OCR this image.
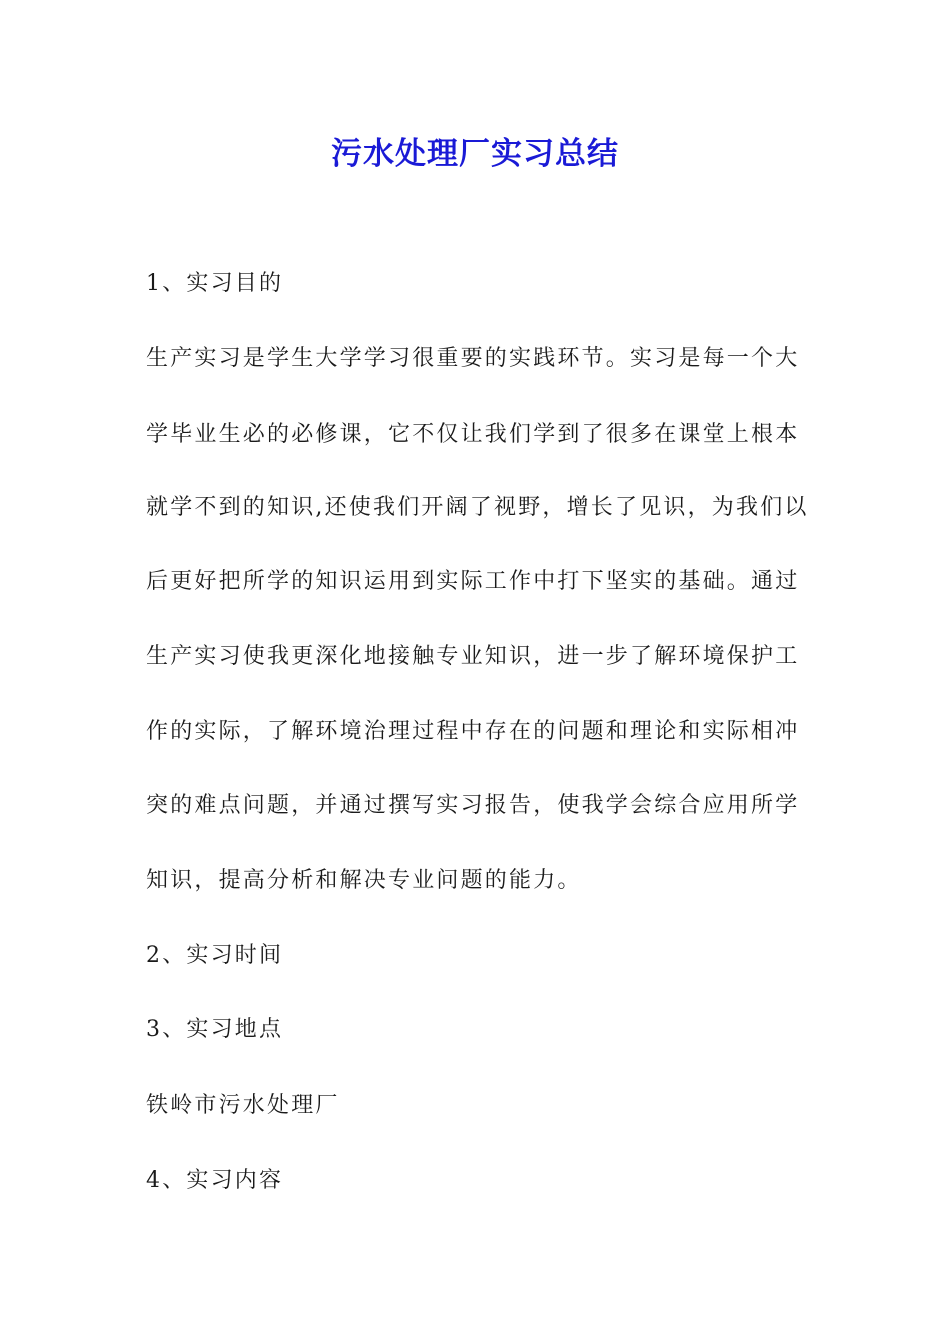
污水处理厂实习总结
1、实习目的
生产实习是学生大学学习很重要的实践环节。实习是每一个大
学毕业生必的必修课，它不仅让我们学到了很多在课堂上根本
就学不到的知识,还使我们开阔了视野，增长了见识，为我们以
后更好把所学的知识运用到实际工作中打下坚实的基础。通过
生产实习使我更深化地接触专业知识，进一步了解环境保护工
作的实际，了解环境治理过程中存在的问题和理论和实际相冲
突的难点问题，并通过撰写实习报告，使我学会综合应用所学
知识，提高分析和解决专业问题的能力。
2、实习时间
3、实习地点
铁岭市污水处理厂
4、实习内容
